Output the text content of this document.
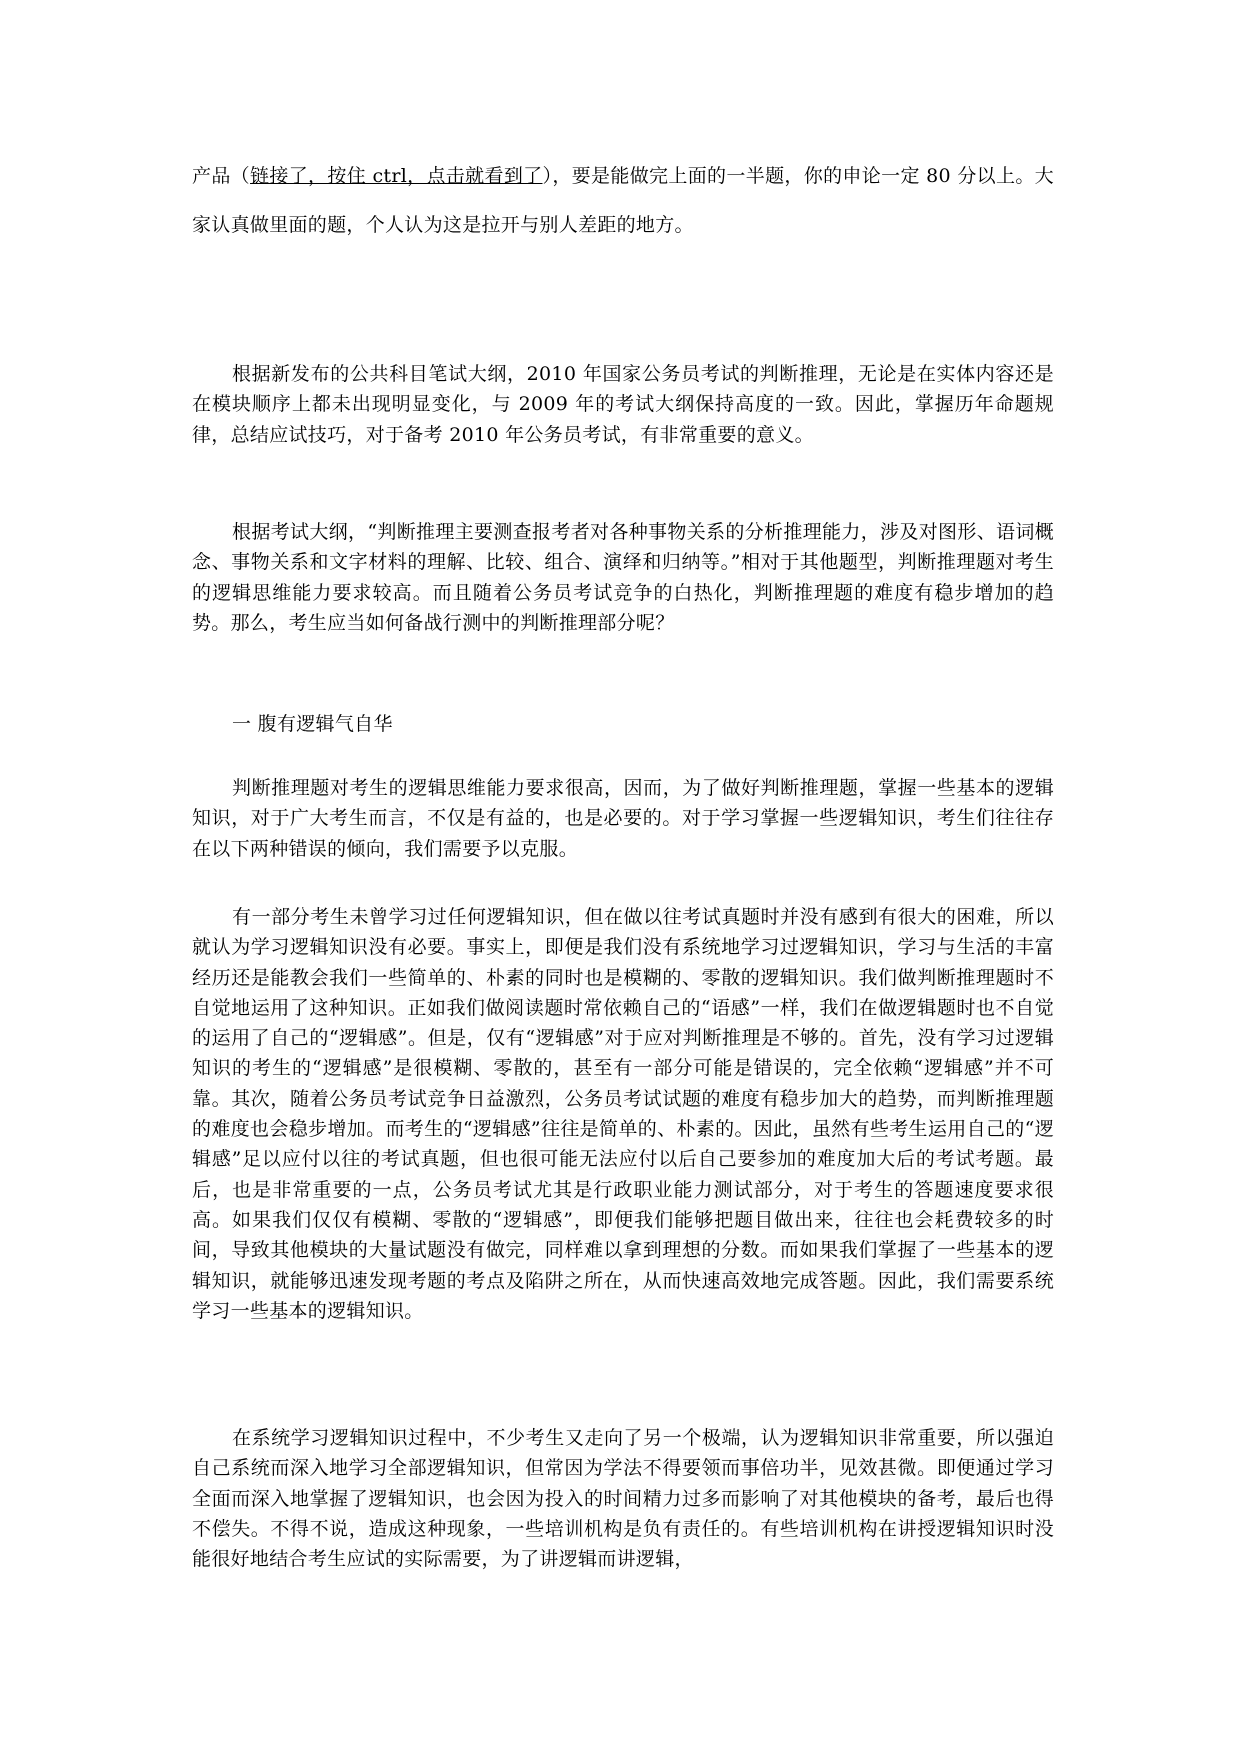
产品（链接了，按住 ctrl，点击就看到了），要是能做完上面的一半题，你的申论一定 80 分以上。大家认真做里面的题，个人认为这是拉开与别人差距的地方。

根据新发布的公共科目笔试大纲，2010 年国家公务员考试的判断推理，无论是在实体内容还是在模块顺序上都未出现明显变化，与 2009 年的考试大纲保持高度的一致。因此，掌握历年命题规律，总结应试技巧，对于备考 2010 年公务员考试，有非常重要的意义。

根据考试大纲，“判断推理主要测查报考者对各种事物关系的分析推理能力，涉及对图形、语词概念、事物关系和文字材料的理解、比较、组合、演绎和归纳等。”相对于其他题型，判断推理题对考生的逻辑思维能力要求较高。而且随着公务员考试竞争的白热化，判断推理题的难度有稳步增加的趋势。那么，考生应当如何备战行测中的判断推理部分呢？

一 腹有逻辑气自华

判断推理题对考生的逻辑思维能力要求很高，因而，为了做好判断推理题，掌握一些基本的逻辑知识，对于广大考生而言，不仅是有益的，也是必要的。对于学习掌握一些逻辑知识，考生们往往存在以下两种错误的倾向，我们需要予以克服。

有一部分考生未曾学习过任何逻辑知识，但在做以往考试真题时并没有感到有很大的困难，所以就认为学习逻辑知识没有必要。事实上，即便是我们没有系统地学习过逻辑知识，学习与生活的丰富经历还是能教会我们一些简单的、朴素的同时也是模糊的、零散的逻辑知识。我们做判断推理题时不自觉地运用了这种知识。正如我们做阅读题时常依赖自己的“语感”一样，我们在做逻辑题时也不自觉的运用了自己的“逻辑感”。但是，仅有“逻辑感”对于应对判断推理是不够的。首先，没有学习过逻辑知识的考生的“逻辑感”是很模糊、零散的，甚至有一部分可能是错误的，完全依赖“逻辑感”并不可靠。其次，随着公务员考试竞争日益激烈，公务员考试试题的难度有稳步加大的趋势，而判断推理题的难度也会稳步增加。而考生的“逻辑感”往往是简单的、朴素的。因此，虽然有些考生运用自己的“逻辑感”足以应付以往的考试真题，但也很可能无法应付以后自己要参加的难度加大后的考试考题。最后，也是非常重要的一点，公务员考试尤其是行政职业能力测试部分，对于考生的答题速度要求很高。如果我们仅仅有模糊、零散的“逻辑感”，即便我们能够把题目做出来，往往也会耗费较多的时间，导致其他模块的大量试题没有做完，同样难以拿到理想的分数。而如果我们掌握了一些基本的逻辑知识，就能够迅速发现考题的考点及陷阱之所在，从而快速高效地完成答题。因此，我们需要系统学习一些基本的逻辑知识。

在系统学习逻辑知识过程中，不少考生又走向了另一个极端，认为逻辑知识非常重要，所以强迫自己系统而深入地学习全部逻辑知识，但常因为学法不得要领而事倍功半，见效甚微。即便通过学习全面而深入地掌握了逻辑知识，也会因为投入的时间精力过多而影响了对其他模块的备考，最后也得不偿失。不得不说，造成这种现象，一些培训机构是负有责任的。有些培训机构在讲授逻辑知识时没能很好地结合考生应试的实际需要，为了讲逻辑而讲逻辑，
